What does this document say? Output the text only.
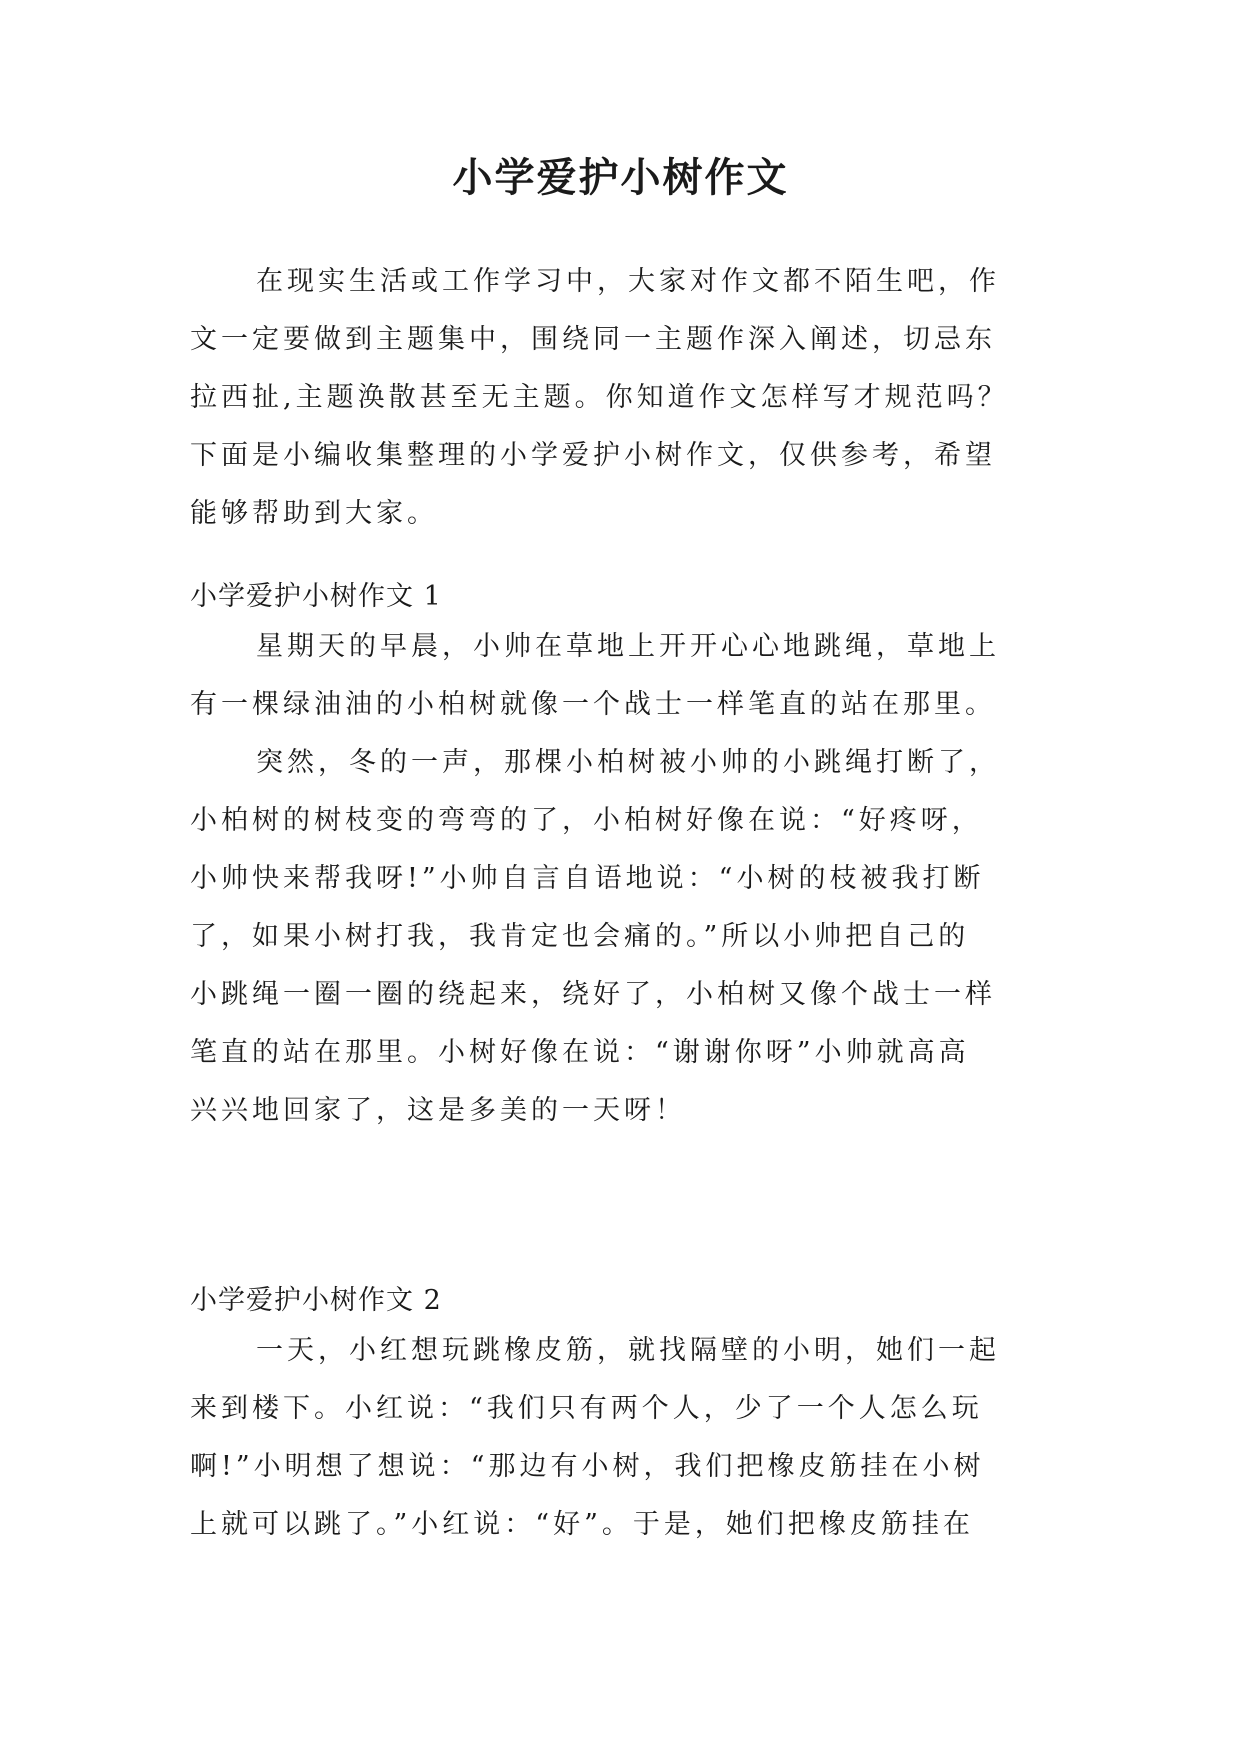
小学爱护小树作文
在现实生活或工作学习中，大家对作文都不陌生吧，作
文一定要做到主题集中，围绕同一主题作深入阐述，切忌东
拉西扯,主题涣散甚至无主题。你知道作文怎样写才规范吗？
下面是小编收集整理的小学爱护小树作文，仅供参考，希望
能够帮助到大家。
小学爱护小树作文 1
星期天的早晨，小帅在草地上开开心心地跳绳，草地上
有一棵绿油油的小柏树就像一个战士一样笔直的站在那里。
突然，冬的一声，那棵小柏树被小帅的小跳绳打断了，
小柏树的树枝变的弯弯的了，小柏树好像在说：“好疼呀，
小帅快来帮我呀!”小帅自言自语地说：“小树的枝被我打断
了，如果小树打我，我肯定也会痛的。”所以小帅把自己的
小跳绳一圈一圈的绕起来，绕好了，小柏树又像个战士一样
笔直的站在那里。小树好像在说：“谢谢你呀”小帅就高高
兴兴地回家了，这是多美的一天呀！
小学爱护小树作文 2
一天，小红想玩跳橡皮筋，就找隔壁的小明，她们一起
来到楼下。小红说：“我们只有两个人，少了一个人怎么玩
啊!”小明想了想说：“那边有小树，我们把橡皮筋挂在小树
上就可以跳了。”小红说：“好”。于是，她们把橡皮筋挂在
